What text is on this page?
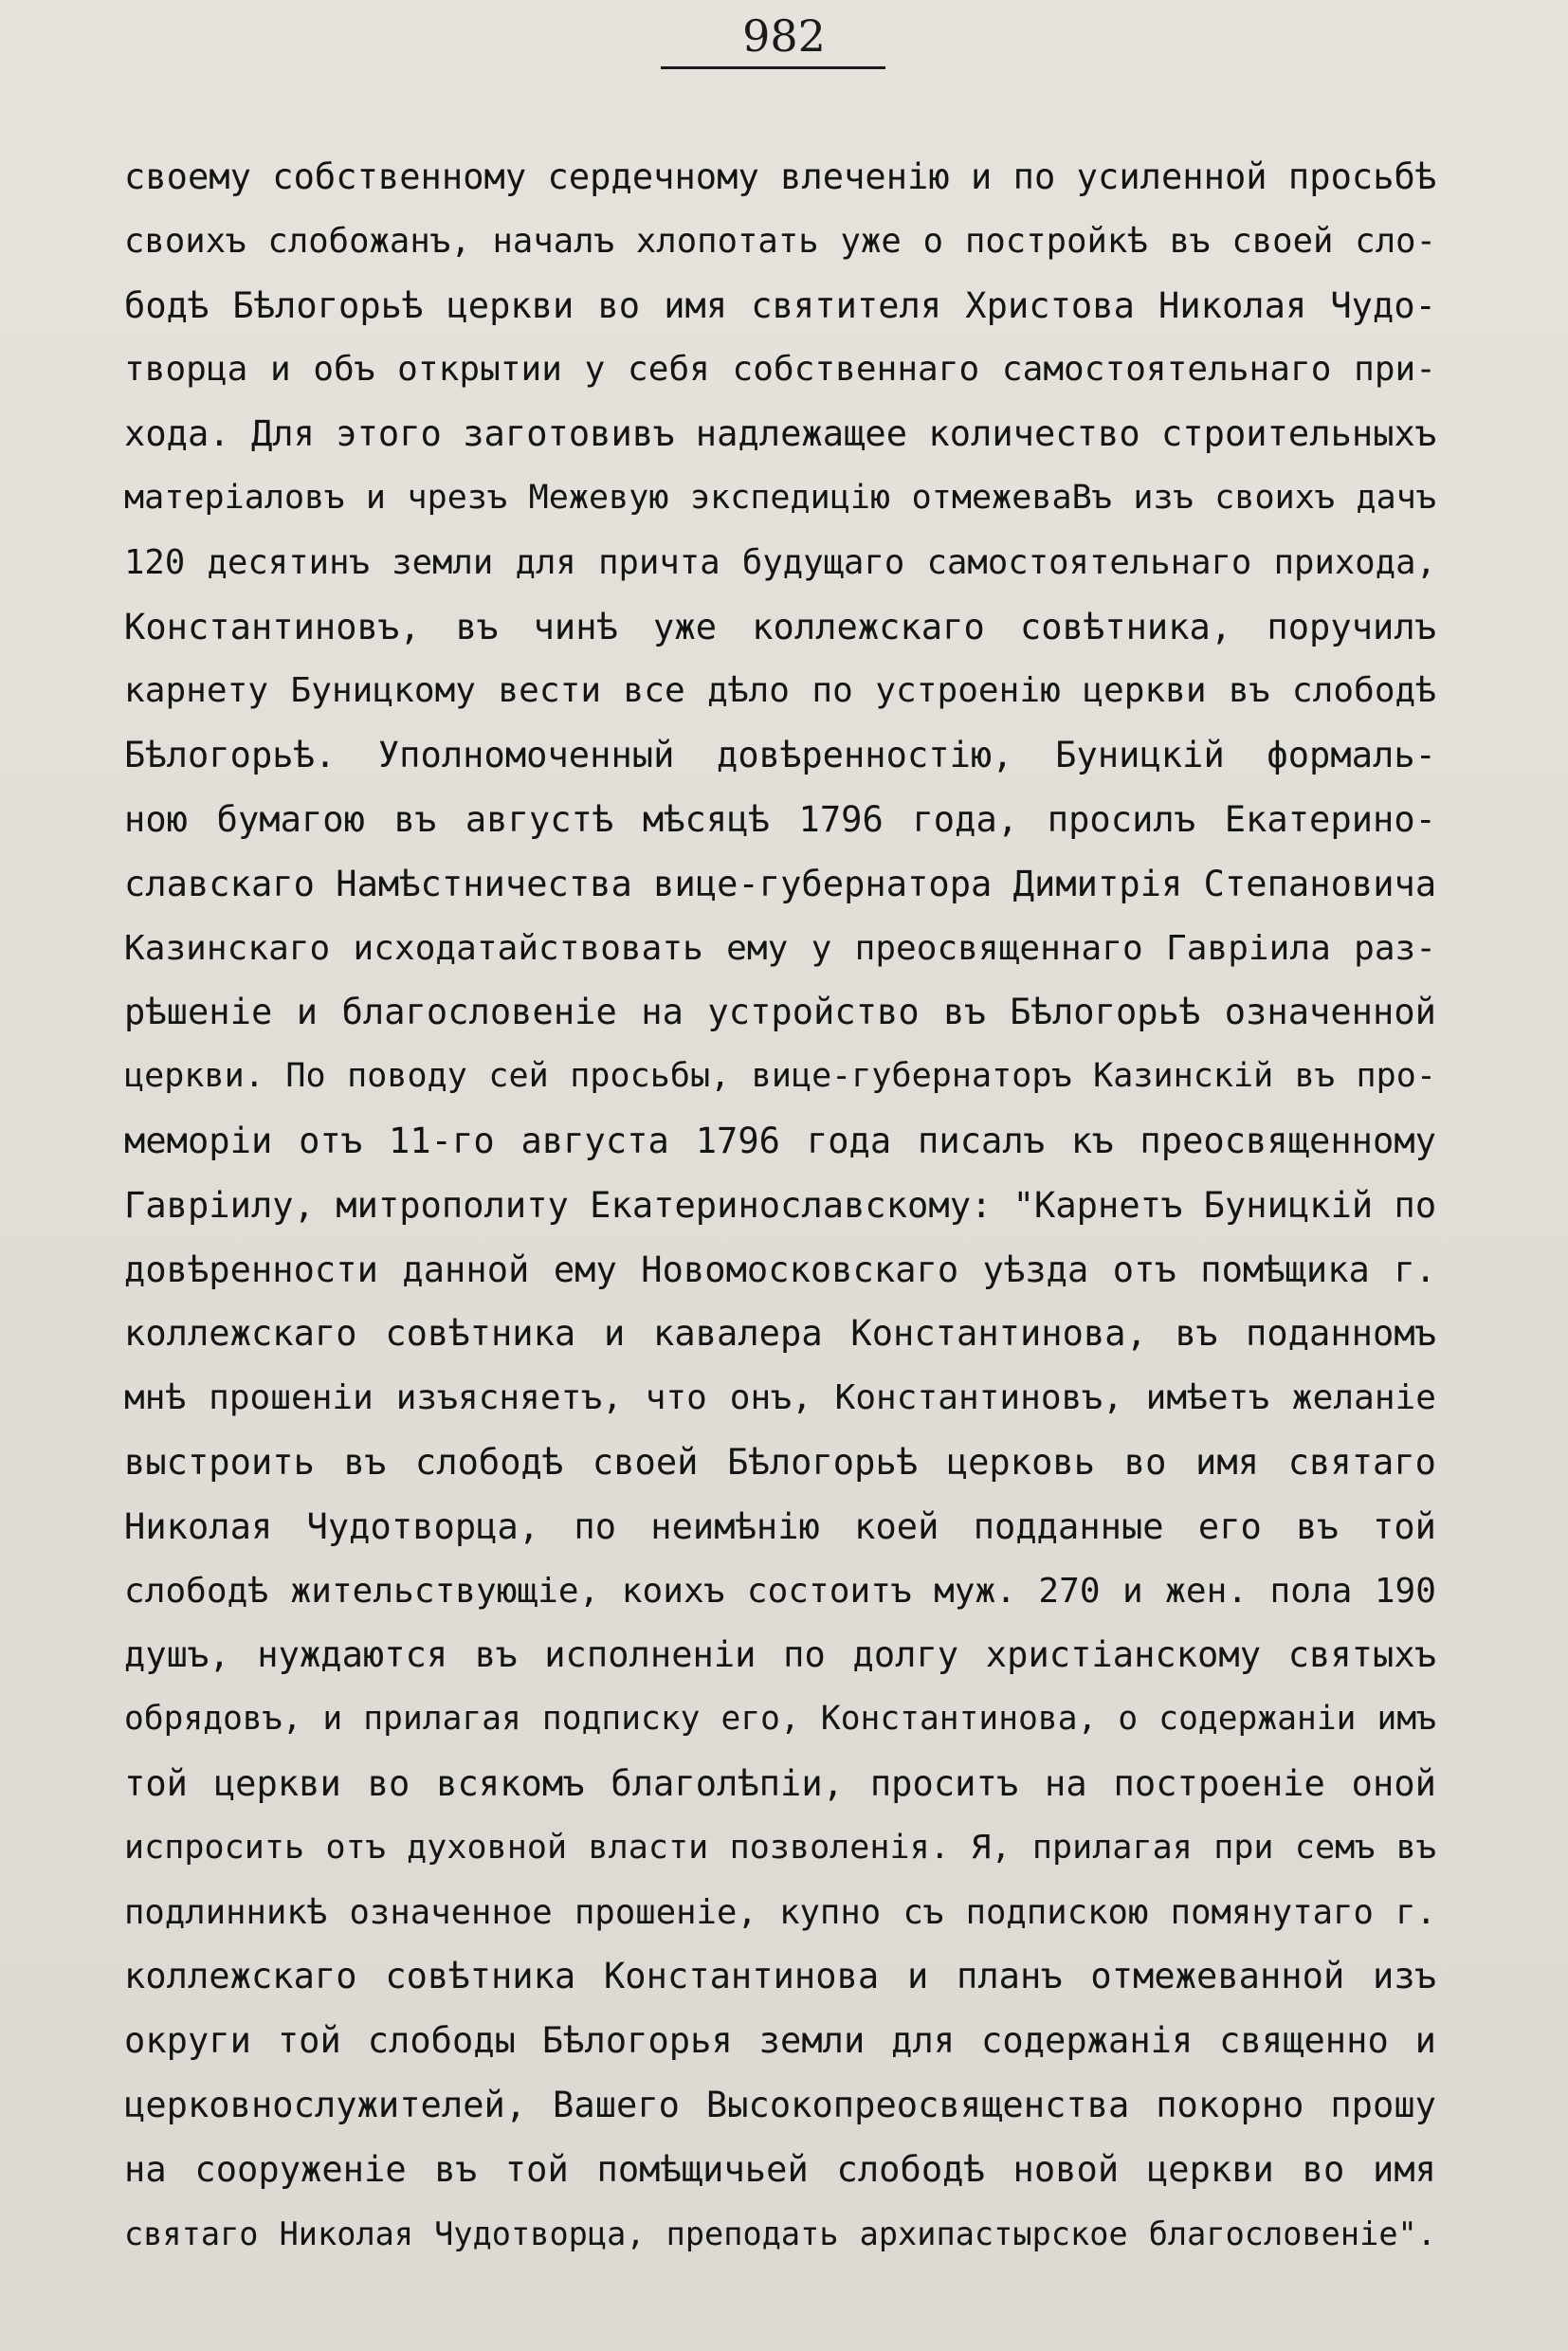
982

своему собственному сердечному влеченію и по усиленной просьбѣ
своихъ слобожанъ, началъ хлопотать уже о постройкѣ въ своей сло-
бодѣ Бѣлогорьѣ церкви во имя святителя Христова Николая Чудо-
творца и объ открытии у себя собственнаго самостоятельнаго при-
хода. Для этого заготовивъ надлежащее количество строительныхъ
матеріаловъ и чрезъ Межевую экспедицію отмежеваВъ изъ своихъ дачъ
120 десятинъ земли для причта будущаго самостоятельнаго прихода,
Константиновъ, въ чинѣ уже коллежскаго совѣтника, поручилъ
карнету Буницкому вести все дѣло по устроенію церкви въ слободѣ
Бѣлогорьѣ. Уполномоченный довѣренностію, Буницкій формаль-
ною бумагою въ августѣ мѣсяцѣ 1796 года, просилъ Екатерино-
славскаго Намѣстничества вице-губернатора Димитрія Степановича
Казинскаго исходатайствовать ему у преосвященнаго Гавріила раз-
рѣшеніе и благословеніе на устройство въ Бѣлогорьѣ означенной
церкви. По поводу сей просьбы, вице-губернаторъ Казинскій въ про-
меморіи отъ 11-го августа 1796 года писалъ къ преосвященному
Гавріилу, митрополиту Екатеринославскому: "Карнетъ Буницкій по
довѣренности данной ему Новомосковскаго уѣзда отъ помѣщика г.
коллежскаго совѣтника и кавалера Константинова, въ поданномъ
мнѣ прошеніи изъясняетъ, что онъ, Константиновъ, имѣетъ желаніе
выстроить въ слободѣ своей Бѣлогорьѣ церковь во имя святаго
Николая Чудотворца, по неимѣнію коей подданные его въ той
слободѣ жительствующіе, коихъ состоитъ муж. 270 и жен. пола 190
душъ, нуждаются въ исполненіи по долгу христіанскому святыхъ
обрядовъ, и прилагая подписку его, Константинова, о содержаніи имъ
той церкви во всякомъ благолѣпіи, проситъ на построеніе оной
испросить отъ духовной власти позволенія. Я, прилагая при семъ въ
подлинникѣ означенное прошеніе, купно съ подпискою помянутаго г.
коллежскаго совѣтника Константинова и планъ отмежеванной изъ
округи той слободы Бѣлогорья земли для содержанія священно и
церковнослужителей, Вашего Высокопреосвященства покорно прошу
на сооруженіе въ той помѣщичьей слободѣ новой церкви во имя
святаго Николая Чудотворца, преподать архипастырское благословеніе".
